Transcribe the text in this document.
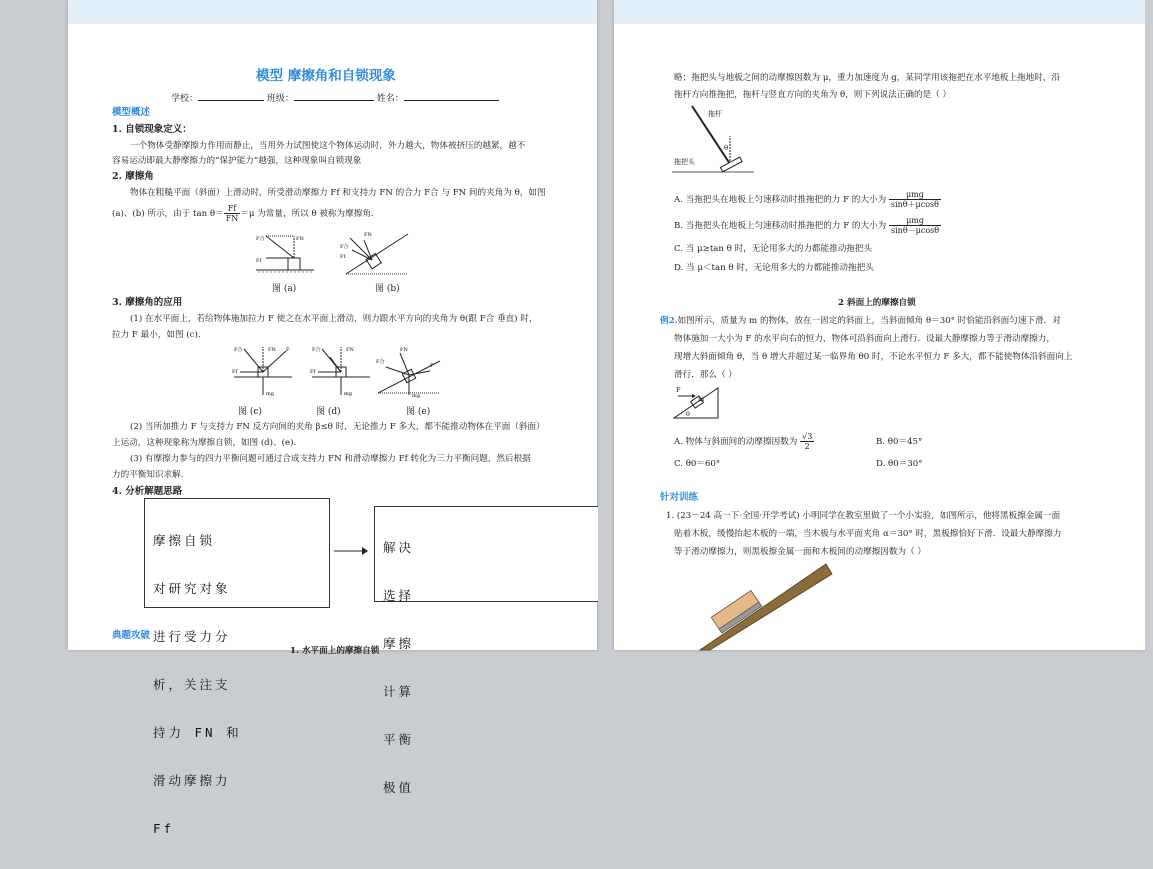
模型 摩擦角和自锁现象
学校：	班级：	姓名：
模型概述
1. 自锁现象定义：
一个物体受静摩擦力作用而静止，当用外力试图使这个物体运动时，外力越大，物体被挤压的越紧，越不
容易运动即最大静摩擦力的“保护能力”越强，这种现象叫自锁现象
2. 摩擦角
物体在粗糙平面（斜面）上滑动时，所受滑动摩擦力 Ff 和支持力 FN 的合力 F合 与 FN 间的夹角为 θ，如图
(a)、(b) 所示，由于 $\tan \theta= \frac{Ff}{FN} =\mu$ 为常量，所以 θ 被称为摩擦角.
F合	FN
Ff
图 (a)
FN
F合
Ff
图 (b)
3. 摩擦角的应用
(1) 在水平面上，若给物体施加拉力 F 使之在水平面上滑动，则力跟水平方向的夹角为 θ(跟 F合 垂直) 时，
拉力 F 最小，如图 (c).
F合	FN F
Ff
mg
图 (c)
F合	FN
Ff
mg
图 (d)
FN
F合
F
mg
图 (e)
(2) 当所加推力 F 与支持力 FN 反方向间的夹角 β≤θ 时，无论推力 F 多大，都不能推动物体在平面（斜面）
上运动，这种现象称为摩擦自锁，如图 (d)、(e).
(3) 有摩擦力参与的四力平衡问题可通过合成支持力 FN 和滑动摩擦力 Ff 转化为三力平衡问题，然后根据
力的平衡知识求解.
4. 分析解题思路

摩擦自锁

对研究对象

进行受力分

析，关注支

持力 FN 和

滑动摩擦力

Ff

解决

选择

摩擦

计算

平衡

极值

典题攻破
1. 水平面上的摩擦自锁
略；拖把头与地板之间的动摩擦因数为 μ，重力加速度为 g，某同学用该拖把在水平地板上拖地时，沿
拖杆方向推拖把，拖杆与竖直方向的夹角为 θ，则下列说法正确的是（ ）
拖杆
拖把头
θ
A. 当拖把头在地板上匀速移动时推拖把的力 F 的大小为 $\frac{\text{μmg}}{\sin\theta+\mu\cos\theta}$
B. 当拖把头在地板上匀速移动时推拖把的力 F 的大小为 $\frac{\text{μmg}}{\sin\theta-\mu\cos\theta}$
C. 当 μ≥tan θ 时，无论用多大的力都能推动拖把头
D. 当 μ＜tan θ 时，无论用多大的力都能推动拖把头
2 斜面上的摩擦自锁
例2.如图所示，质量为 m 的物体，放在一固定的斜面上，当斜面倾角 θ＝30° 时恰能沿斜面匀速下滑．对
物体施加一大小为 F 的水平向右的恒力，物体可沿斜面向上滑行．设最大静摩擦力等于滑动摩擦力，
现增大斜面倾角 θ，当 θ 增大并超过某一临界角 θ0 时，不论水平恒力 F 多大，都不能使物体沿斜面向上
滑行．那么（ ）
F
m
θ
A. 物体与斜面间的动摩擦因数为 $\frac{√3}{2}$	B. θ0＝45°
C. θ0＝60°	D. θ0＝30°
针对训练
1. (23－24 高一下·全国·开学考试) 小明同学在教室里做了一个小实验，如图所示，他将黑板擦金属一面
贴着木板，缓慢抬起木板的一端，当木板与水平面夹角 α＝30° 时，黑板擦恰好下滑．设最大静摩擦力
等于滑动摩擦力，则黑板擦金属一面和木板间的动摩擦因数为（ ）
